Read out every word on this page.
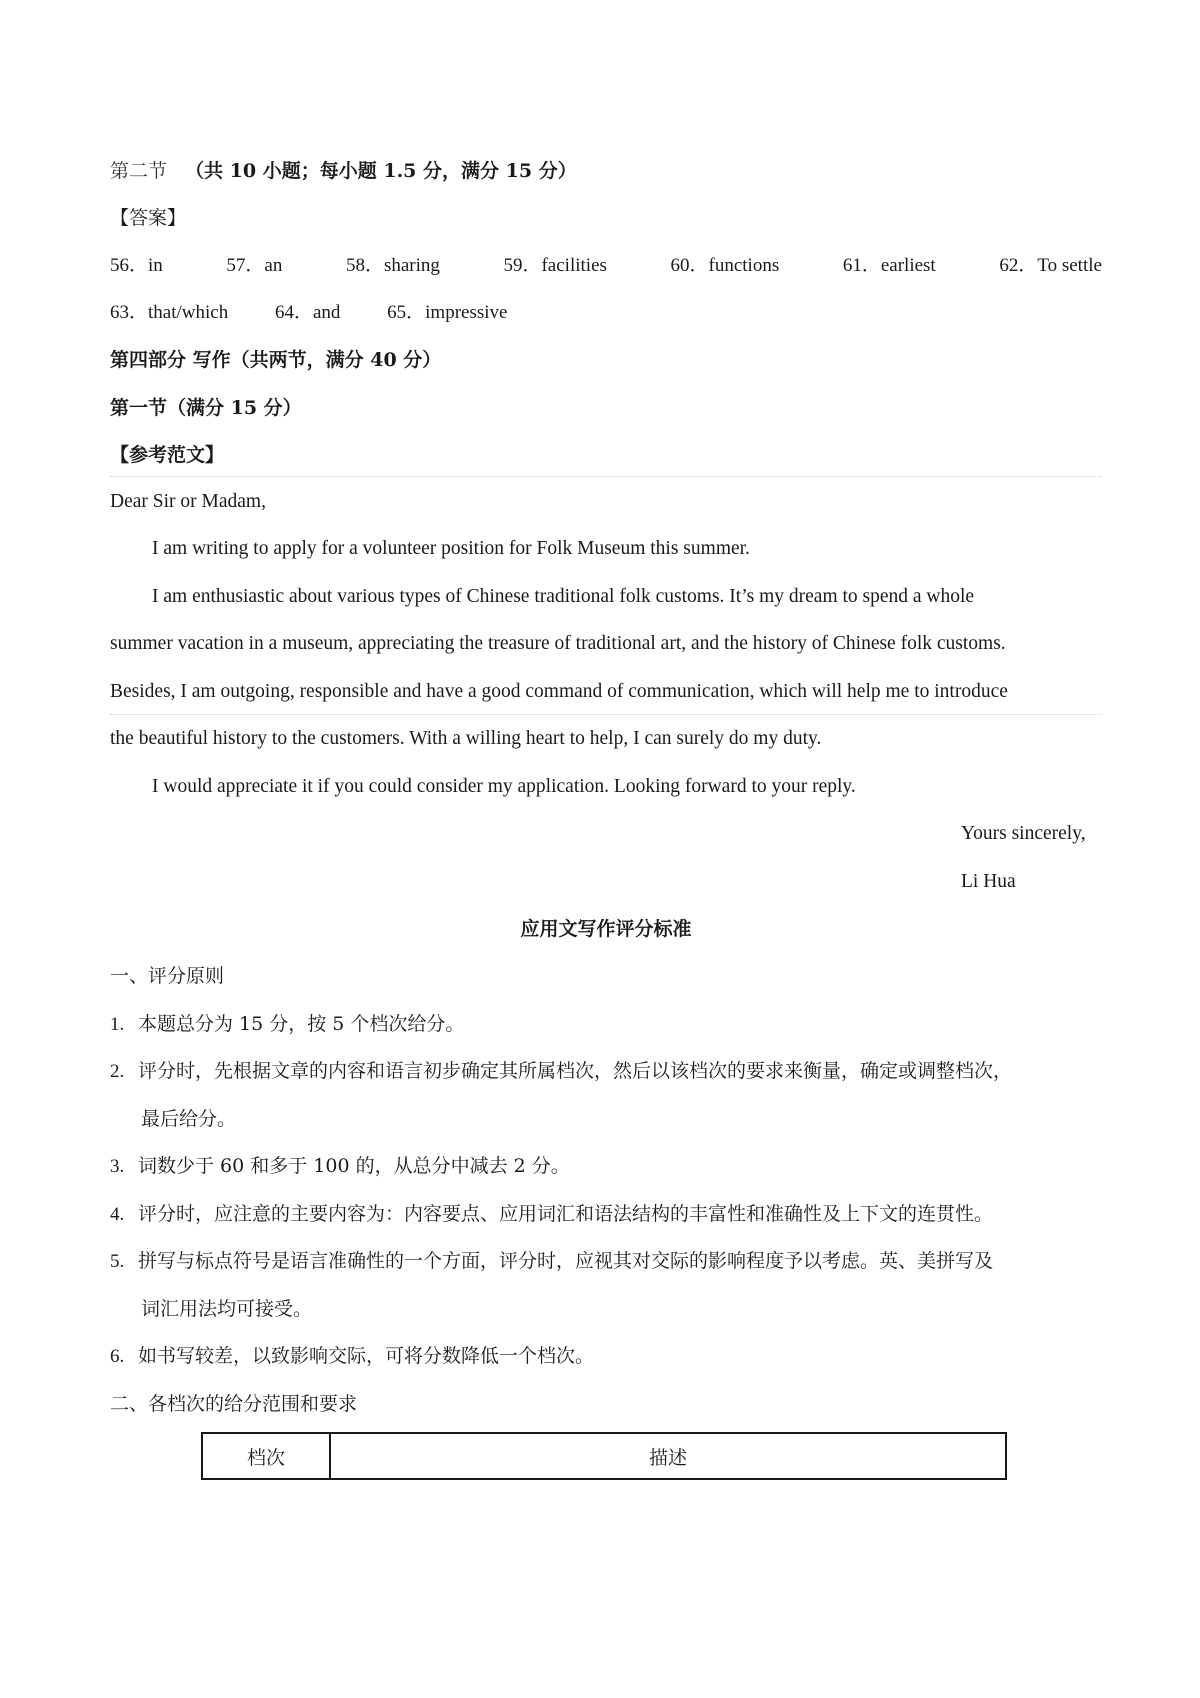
第二节 （共 10 小题；每小题 1.5 分，满分 15 分）
【答案】
56．in	57．an	58．sharing	59．facilities	60．functions	61．earliest	62．To settle
63．that/which 64．and 65．impressive
第四部分 写作（共两节，满分 40 分）
第一节（满分 15 分）
【参考范文】
Dear Sir or Madam,
I am writing to apply for a volunteer position for Folk Museum this summer.
I am enthusiastic about various types of Chinese traditional folk customs. It’s my dream to spend a whole
summer vacation in a museum, appreciating the treasure of traditional art, and the history of Chinese folk customs.
Besides, I am outgoing, responsible and have a good command of communication, which will help me to introduce
the beautiful history to the customers. With a willing heart to help, I can surely do my duty.
I would appreciate it if you could consider my application. Looking forward to your reply.
Yours sincerely,
Li Hua
应用文写作评分标准
一、评分原则
1. 本题总分为 15 分，按 5 个档次给分。
2. 评分时，先根据文章的内容和语言初步确定其所属档次，然后以该档次的要求来衡量，确定或调整档次，
最后给分。
3. 词数少于 60 和多于 100 的，从总分中减去 2 分。
4. 评分时，应注意的主要内容为：内容要点、应用词汇和语法结构的丰富性和准确性及上下文的连贯性。
5. 拼写与标点符号是语言准确性的一个方面，评分时，应视其对交际的影响程度予以考虑。英、美拼写及
词汇用法均可接受。
6. 如书写较差，以致影响交际，可将分数降低一个档次。
二、各档次的给分范围和要求
档次	描述
